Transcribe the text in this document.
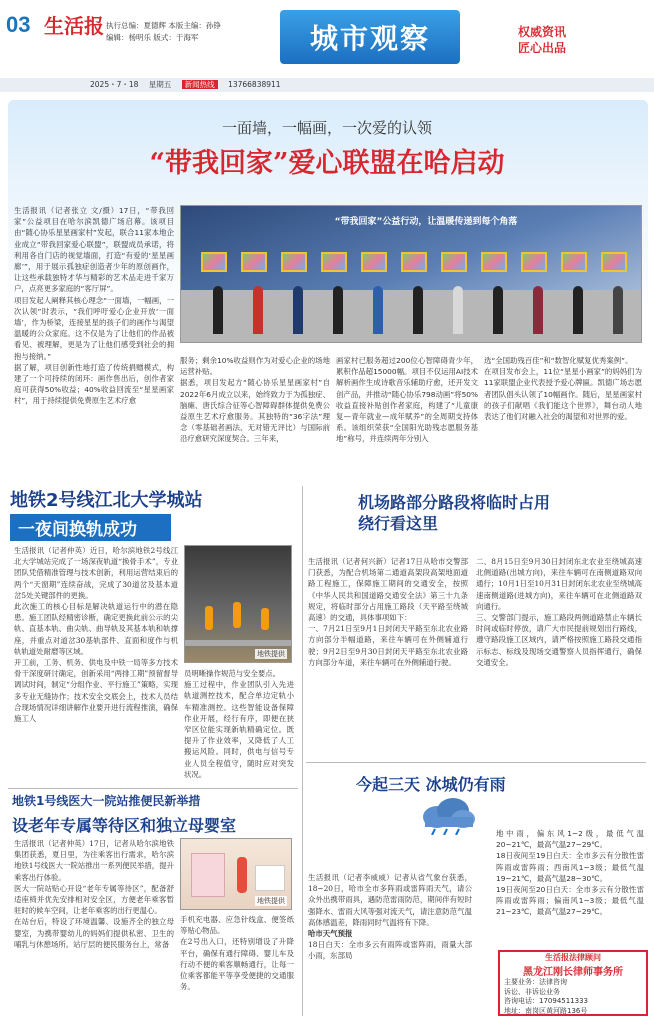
03 生活报 执行总编：夏德辉 本版主编：孙铮
编辑：杨明乐 版式：于海军	城市观察	权威资讯
匠心出品
2025・7・18 星期五 新闻热线 13766838911
一面墙，一幅画，一次爱的认领
“带我回家”爱心联盟在哈启动

生活报讯（记者张立 文/摄）17日，“带我回家”公益项目在哈尔滨凯德广场启幕。该项目由“随心协乐星星画家村”发起，联合11家本地企业成立“带我回家爱心联盟”，联盟成员承诺，将利用各自门店的视觉墙面，打造“有爱的‘星星画廊’”，用于展示孤独症创造者少年的原创画作，让这些承载独特才华与精彩的艺术品走进千家万户，点亮更多家庭的“客厅屏”。

项目发起人阐释其核心理念“一面墙，一幅画，一次认领”时表示，“我们呼吁爱心企业开放‘一面墙’，作为桥梁，连接星星的孩子们的画作与渴望温暖的公众家庭。这不仅是为了让他们的作品被看见、被理解，更是为了让他们感受到社会的拥抱与接纳。”

据了解，项目创新性地打造了传统捐赠模式，构建了一个可持续的闭环：画作售出后，创作者家庭可获得50%收益；40%收益回流至“星星画家村”，用于持续提供免费原生艺术疗愈

“带我回家”公益行动，让温暖传递到每个角落

服务；剩余10%收益则作为对爱心企业的场地运营补贴。

据悉，项目发起方“随心协乐星星画家村”自2022年6月成立以来，始终致力于为孤独症、脑瘫、唐氏综合征等心智障碍群体提供免费公益原生艺术疗愈服务。其独特的“36字法”理念（零基础者画法、无对错无评比）与国际前沿疗愈研究深度契合。三年来，

画家村已服务超过200位心智障碍青少年，累积作品超15000幅。项目不仅运用AI技术解析画作生成诗歌音乐辅助疗愈，还开发文创产品，并推动“随心协乐798动画”将50%收益直接补贴创作者家庭，构建了“儿童康复—青年就业—成年赋养”的全周期支持体系。该组织荣获“全国阳光助残志愿服务基地”称号，并连续两年分别入

选“全国助残百佳”和“数智化赋复优秀案例”。

在项目发布会上，11位“星星小画家”的妈妈们为11家联盟企业代表授予爱心牌匾。凯德广场志愿者团队倡头认领了10幅画作。随后，星星画家村的孩子们献唱《我们能这个世界》，舞台动人地表达了他们对融入社会的渴望和对世界的爱。

地铁2号线江北大学城站
一夜间换轨成功

生活报讯（记者仲英）近日，哈尔滨地铁2号线江北大学城站完成了一场深夜轨道“换骨手术”，专业团队凭借精准管理与技术创新，利用运营结束后的两个“天窗期”连续奋战，完成了30道岔及基本道岔5处关键部件的更换。

此次施工的核心目标是解决轨道运行中的潜在隐患。施工团队经精密诊断，确定更换此前公示的尖轨、直基本轨、曲尖轨、曲导轨及其基本轨和轨撑座，并重点对道岔30基轨部件、直面和度作与机轨轨道处耐磨等区域。

开工前，工务、机务、供电及中铁一局等多方技术骨干深度研讨确定，创新采用“两排工期”预留督导调试时间，制定“分组作业、平行施工”策略，实现多专业无缝协作；技术安全交底会上，技术人员结合现场情况详细讲解作业要开进行流程推演，确保施工人

地铁提供

员明晰操作规范与安全要点。

施工过程中，作业团队引入先进轨道测控技术，配合单边定轨小车精准测控。这些智能设备保障作业开展，经行有序，即便在狭窄区位能实现新轨精确定位。既提升了作业效率，又降低了人工搬运风险。同时，供电与信号专业人员全程值守，随时应对突发状况。

地铁1号线医大一院站推便民新举措
设老年专属等待区和独立母婴室

生活报讯（记者仲英）17日，记者从哈尔滨地铁集团获悉，夏日里，为往乘客出行需求，哈尔滨地铁1号线医大一院站推出一系列便民举措，提升乘客出行体验。

医大一院站贴心开设“老年专属等待区”，配备舒适座椅并优先安排相对安全区，方便老年乘客暂驻时的候车空间，让老年乘客的出行更温心。

在站台后，特设了环境温馨、设施齐全的独立母婴室，为携带婴幼儿的妈妈们提供私密、卫生的哺乳与休憩场所。站厅层的便民服务台上，常备

地铁提供

手机充电器、应急针线盒、便签纸等贴心物品。

在2号出入口，还特别增设了升降平台，确保有通行障碍、婴儿车及行动不便的乘客顺畅通行，让每一位乘客都能平等享受便捷的交通服务。

机场路部分路段将临时占用
绕行看这里

生活报讯（记者何兴新）记者17日从哈市交警部门获悉，为配合机场第二通道高架段高架地面道路工程施工，保障施工期间的交通安全，按照《中华人民共和国道路交通安全法》第三十九条规定，将临时部分占用施工路段（天平路至绕城高速）的交通，具体事项如下：

一、7月21日至9月1日封闭天平路至东北农业路方向部分半幅道路，来往车辆可在外侧辅道行驶；9月2日至9月30日封闭天平路至东北农业路方向部分车道，来往车辆可在外侧辅道行驶。

二、8月15日至9月30日封闭东北农业至绕城高速北侧道路(出城方向)，来往车辆可在南侧道路双向通行；10月1日至10月31日封闭东北农业至绕城高速南侧道路(进城方向)，来往车辆可在北侧道路双向通行。

三、交警部门提示，施工路段两侧道路禁止车辆长时间或临时停放，请广大市民提前规划出行路线，遵守路段施工区域内，请严格按照施工路段交通指示标志、标线及现场交通警察人员指挥通行，确保交通安全。

今起三天 冰城仍有雨

生活报讯（记者李威威）记者从省气象台获悉，18~20日，哈市全市多阵雨或雷阵雨天气，请公众外出携带雨具，遇防范雷雨防范，期间伴有短时强降水、雷雨大风等强对流天气，请注意防范气温高体感温差，降雨同时气温将有下降。

哈市天气预报

18日白天：全市多云有雨阵或雷阵雨，雨量大部小雨，东部局

地中雨，偏东风1~2级，最低气温20~21℃，最高气温27~29℃。

18日夜间至19日白天：全市多云有分散性雷阵雨或雷阵雨；西南风1~3级；最低气温19~21℃，最高气温28~30℃。

19日夜间至20日白天：全市多云有分散性雷阵雨或雷阵雨；偏南风1~3级；最低气温21~23℃，最高气温27~29℃。

生活报法律顾问
黑龙江刚长律师事务所
主要业务：法律咨询
诉讼、非诉讼业务
咨询电话：17094511333
地址：南岗区黄河路136号
